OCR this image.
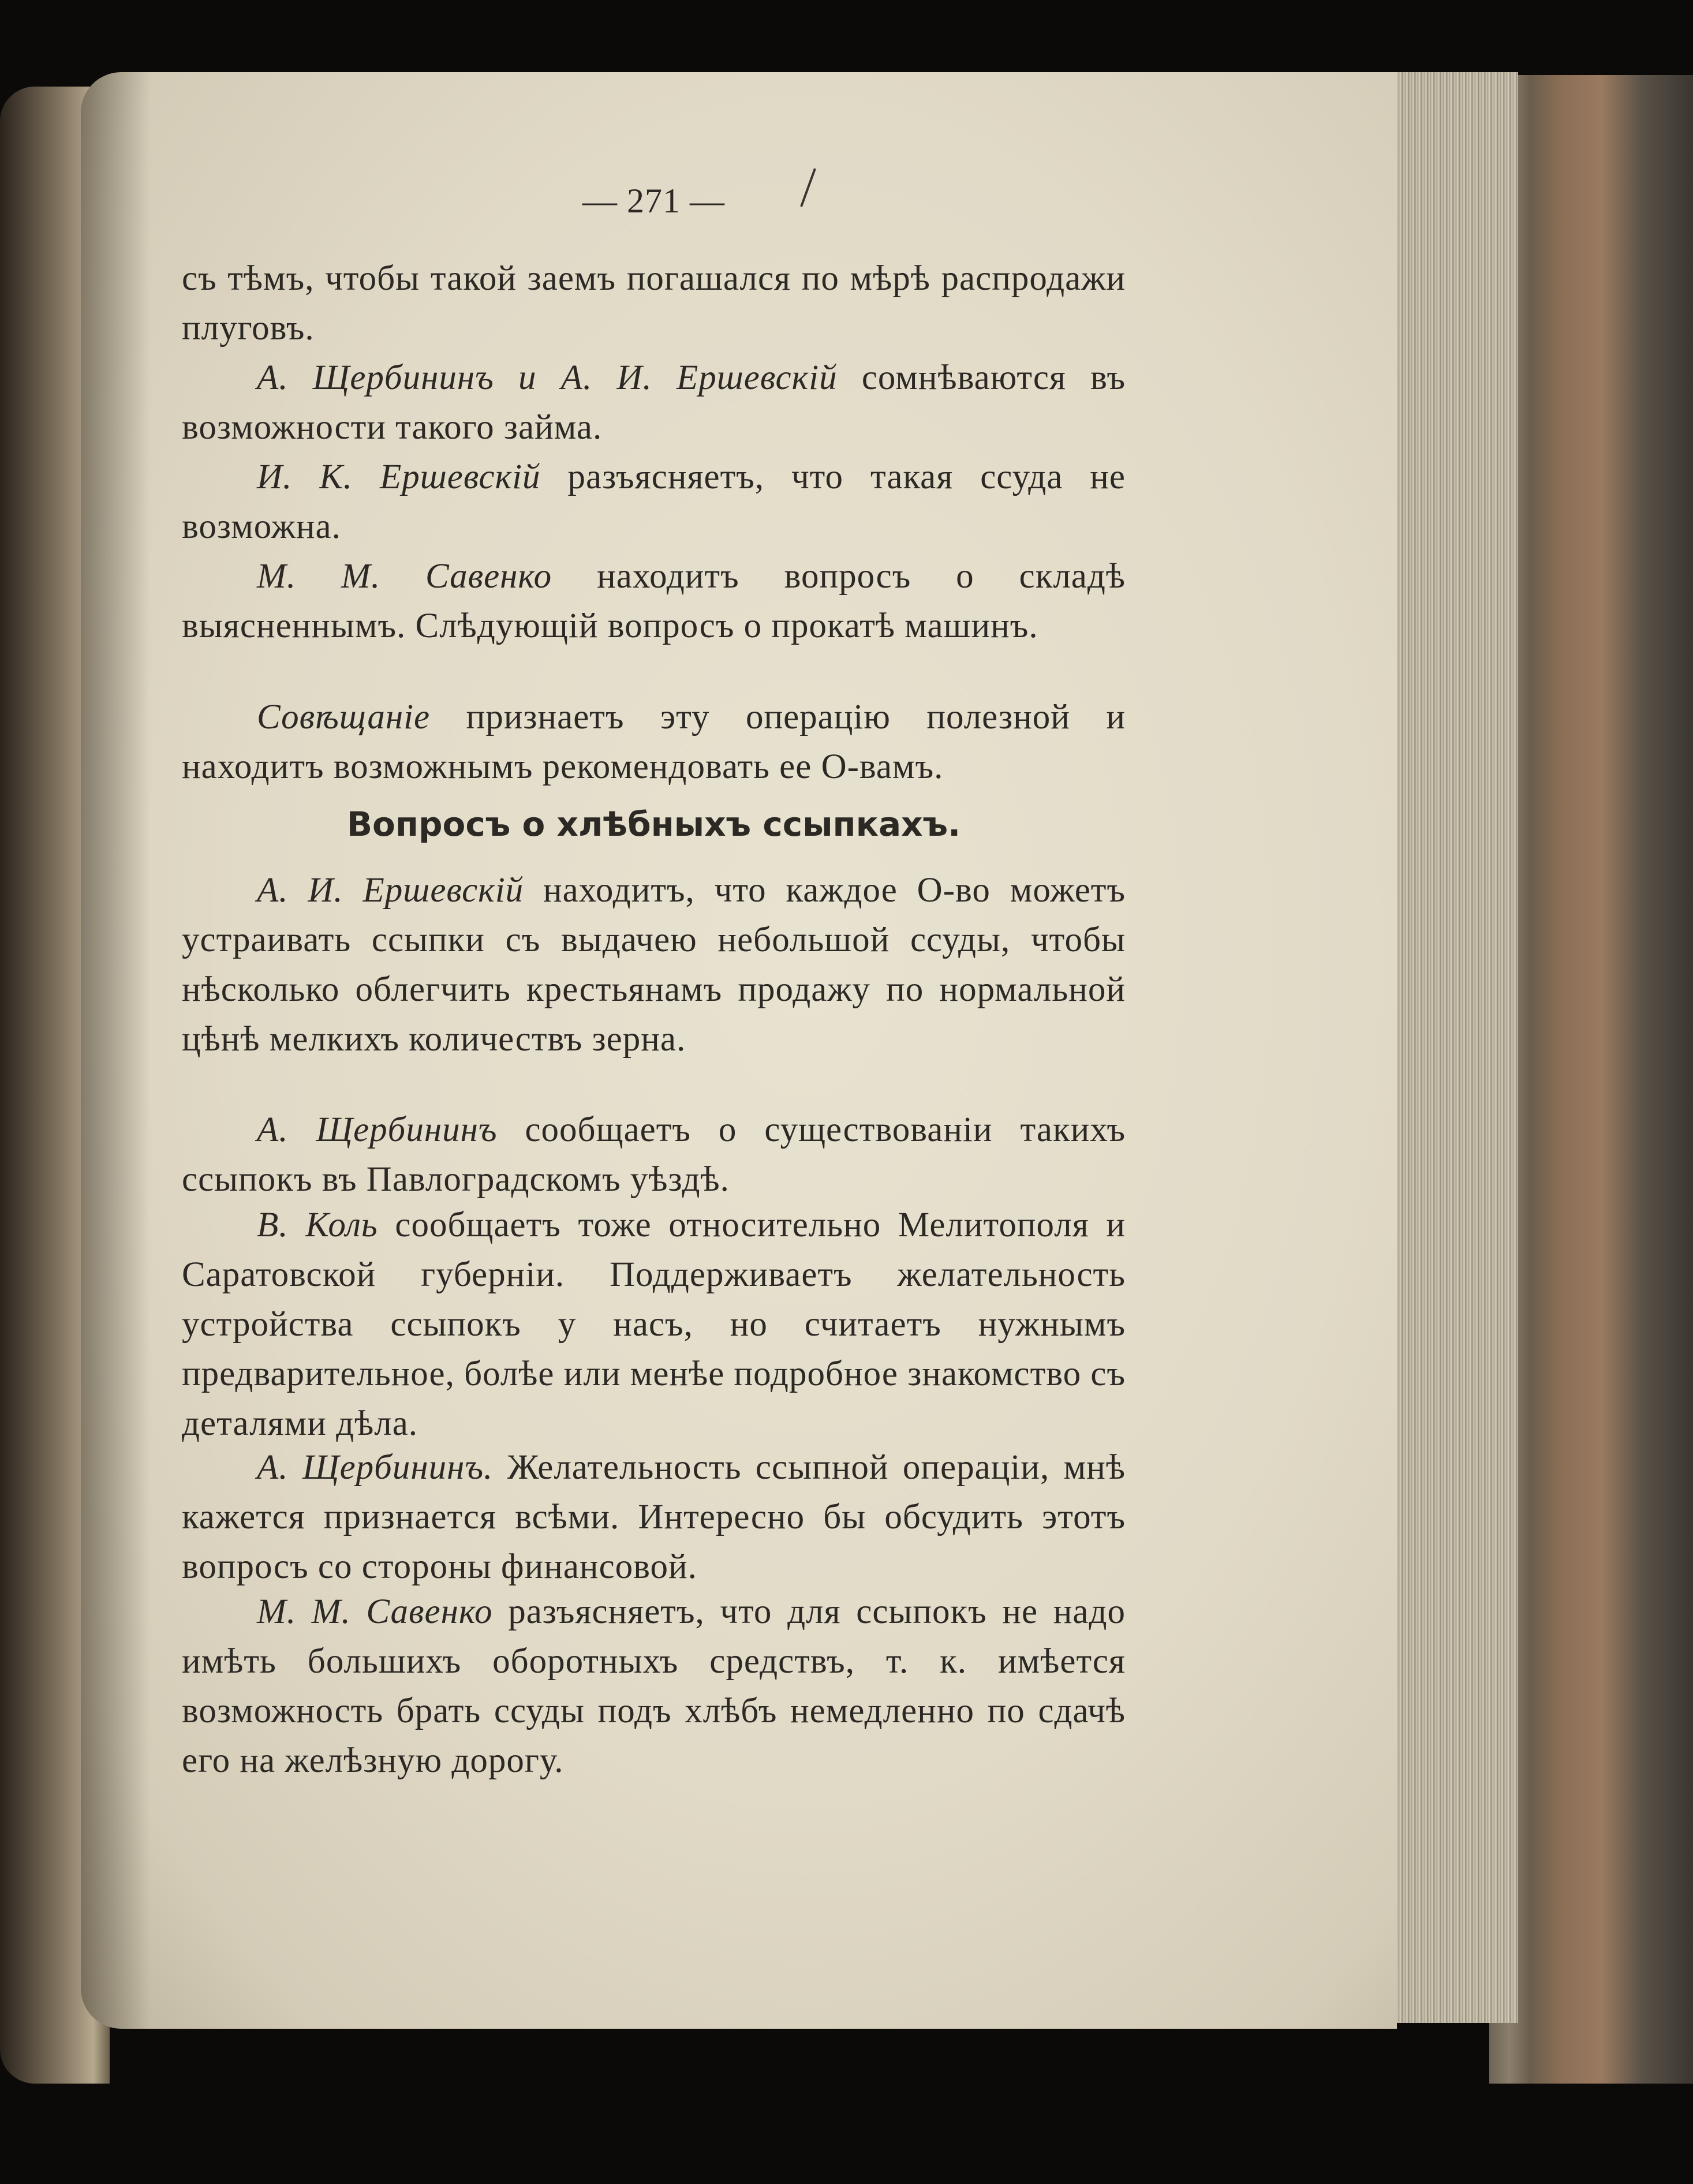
— 271 —
съ тѣмъ, чтобы такой заемъ погашался по мѣрѣ распродажи плуговъ.
А. Щербининъ и А. И. Ершевскій сомнѣваются въ возможности такого займа.
И. К. Ершевскій разъясняетъ, что такая ссуда не возможна.
М. М. Савенко находитъ вопросъ о складѣ выясненнымъ. Слѣдующій вопросъ о прокатѣ машинъ.
Совѣщаніе признаетъ эту операцію полезной и находитъ возможнымъ рекомендовать ее О-вамъ.
Вопросъ о хлѣбныхъ ссыпкахъ.
А. И. Ершевскій находитъ, что каждое О-во можетъ устраивать ссыпки съ выдачею небольшой ссуды, чтобы нѣсколько облегчить крестьянамъ продажу по нормальной цѣнѣ мелкихъ количествъ зерна.
А. Щербининъ сообщаетъ о существованіи такихъ ссыпокъ въ Павлоградскомъ уѣздѣ.
В. Коль сообщаетъ тоже относительно Мелитополя и Саратовской губерніи. Поддерживаетъ желательность устройства ссыпокъ у насъ, но считаетъ нужнымъ предварительное, болѣе или менѣе подробное знакомство съ деталями дѣла.
А. Щербининъ. Желательность ссыпной операціи, мнѣ кажется признается всѣми. Интересно бы обсудить этотъ вопросъ со стороны финансовой.
М. М. Савенко разъясняетъ, что для ссыпокъ не надо имѣть большихъ оборотныхъ средствъ, т. к. имѣется возможность брать ссуды подъ хлѣбъ немедленно по сдачѣ его на желѣзную дорогу.
